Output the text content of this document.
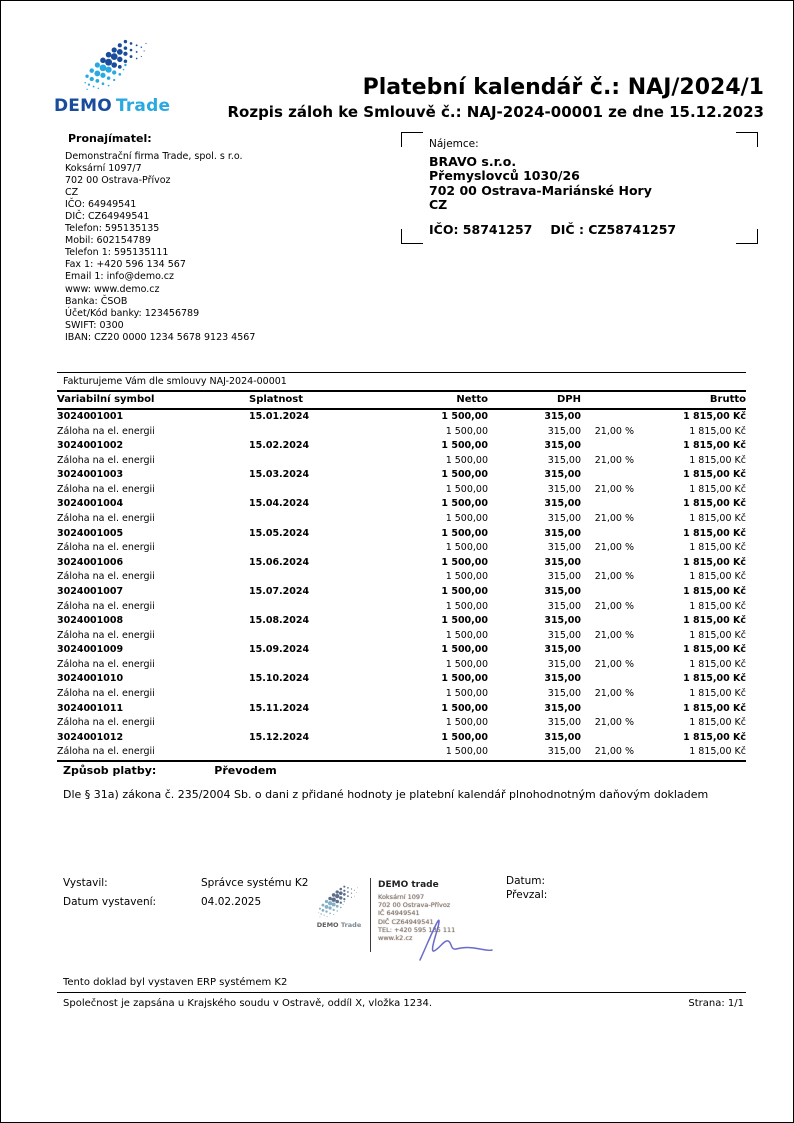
DEMO Trade
Platební kalendář č.: NAJ/2024/1
Rozpis záloh ke Smlouvě č.: NAJ-2024-00001 ze dne 15.12.2023
Pronajímatel:
Demonstrační firma Trade, spol. s r.o.
Koksární 1097/7
702 00 Ostrava-Přívoz
CZ
IČO: 64949541
DIČ: CZ64949541
Telefon: 595135135
Mobil: 602154789
Telefon 1: 595135111
Fax 1: +420 596 134 567
Email 1: info@demo.cz
www: www.demo.cz
Banka: ČSOB
Účet/Kód banky: 123456789
SWIFT: 0300
IBAN: CZ20 0000 1234 5678 9123 4567
Nájemce:
BRAVO s.r.o.
Přemyslovců 1030/26
702 00 Ostrava-Mariánské Hory
CZ
IČO: 58741257 DIČ : CZ58741257
Fakturujeme Vám dle smlouvy NAJ-2024-00001
Variabilní symbol	Splatnost	Netto	DPH		Brutto
3024001001	15.01.2024	1 500,00	315,00		1 815,00 Kč
Záloha na el. energii		1 500,00	315,00	21,00 %	1 815,00 Kč
3024001002	15.02.2024	1 500,00	315,00		1 815,00 Kč
Záloha na el. energii		1 500,00	315,00	21,00 %	1 815,00 Kč
3024001003	15.03.2024	1 500,00	315,00		1 815,00 Kč
Záloha na el. energii		1 500,00	315,00	21,00 %	1 815,00 Kč
3024001004	15.04.2024	1 500,00	315,00		1 815,00 Kč
Záloha na el. energii		1 500,00	315,00	21,00 %	1 815,00 Kč
3024001005	15.05.2024	1 500,00	315,00		1 815,00 Kč
Záloha na el. energii		1 500,00	315,00	21,00 %	1 815,00 Kč
3024001006	15.06.2024	1 500,00	315,00		1 815,00 Kč
Záloha na el. energii		1 500,00	315,00	21,00 %	1 815,00 Kč
3024001007	15.07.2024	1 500,00	315,00		1 815,00 Kč
Záloha na el. energii		1 500,00	315,00	21,00 %	1 815,00 Kč
3024001008	15.08.2024	1 500,00	315,00		1 815,00 Kč
Záloha na el. energii		1 500,00	315,00	21,00 %	1 815,00 Kč
3024001009	15.09.2024	1 500,00	315,00		1 815,00 Kč
Záloha na el. energii		1 500,00	315,00	21,00 %	1 815,00 Kč
3024001010	15.10.2024	1 500,00	315,00		1 815,00 Kč
Záloha na el. energii		1 500,00	315,00	21,00 %	1 815,00 Kč
3024001011	15.11.2024	1 500,00	315,00		1 815,00 Kč
Záloha na el. energii		1 500,00	315,00	21,00 %	1 815,00 Kč
3024001012	15.12.2024	1 500,00	315,00		1 815,00 Kč
Záloha na el. energii		1 500,00	315,00	21,00 %	1 815,00 Kč
Způsob platby:	Převodem
Dle § 31a) zákona č. 235/2004 Sb. o dani z přidané hodnoty je platební kalendář plnohodnotným daňovým dokladem
Vystavil:	Správce systému K2
Datum vystavení:	04.02.2025
Datum:
Převzal:
DEMO Trade
DEMO trade
Koksární 1097
702 00 Ostrava-Přívoz
IČ 64949541
DIČ CZ64949541
TEL: +420 595 135 111
www.k2.cz
Tento doklad byl vystaven ERP systémem K2
Společnost je zapsána u Krajského soudu v Ostravě, oddíl X, vložka 1234.	Strana: 1/1
